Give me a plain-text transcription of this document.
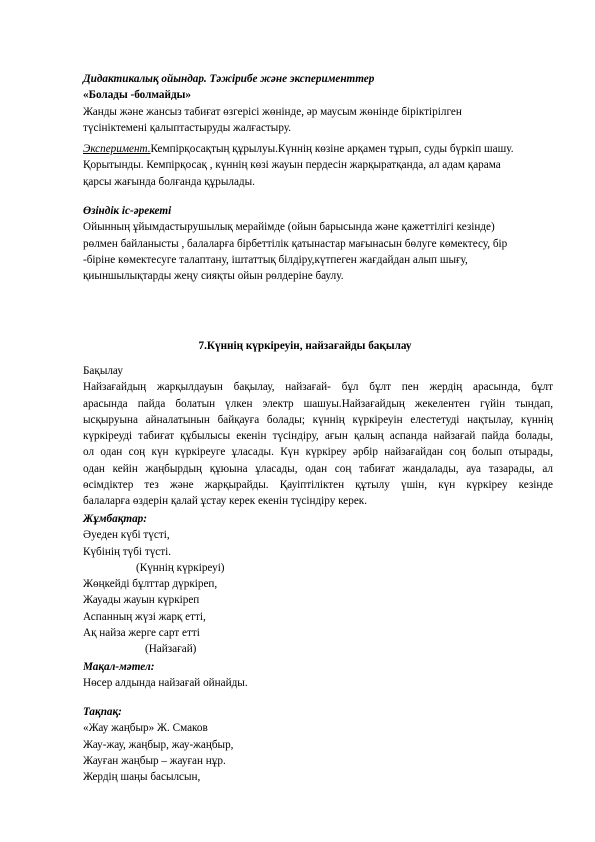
Дидактикалық ойындар. Тәжірибе және эксперименттер
«Болады -болмайды»
Жанды және жансыз табиғат өзгерісі жөнінде, әр маусым жөнінде біріктірілген
түсініктемені қалыптастыруды жалғастыру.
Эксперимент.Кемпірқосақтың құрылуы.Күннің көзіне арқамен тұрып, суды бүркіп шашу.
Қорытынды. Кемпірқосақ , күннің көзі жауын пердесін жарқыратқанда, ал адам қарама
қарсы жағында болғанда құрылады.
Өзіндік іс-әрекеті
Ойынның ұйымдастырушылық мерайімде (ойын барысында және қажеттілігі кезінде)
рөлмен байланысты , балаларға бірбеттілік қатынастар мағынасын бөлуге көмектесу, бір
-біріне көмектесуге талаптану, іштаттық білдіру,күтпеген жағдайдан алып шығу,
қиыншылықтарды жеңу сияқты ойын рөлдеріне баулу.
7.Күннің күркіреуін, найзағайды бақылау
Бақылау
Найзағайдың жарқылдауын бақылау, найзағай- бұл бұлт пен жердің арасында, бұлт
арасында пайда болатын үлкен электр шашуы.Найзағайдың жекелентен гүйін тындап,
ысқыруына айналатынын байқауға болады; күннің күркіреуін елестетуді нақтылау, күннің
күркіреуді табиғат құбылысы екенін түсіндіру, ағын қалың аспанда найзағай пайда болады,
ол одан соң күн күркіреуге ұласады. Күн күркіреу әрбір найзағайдан соң болып отырады,
одан кейін жаңбырдың құюына ұласады, одан соң табиғат жандалады, ауа тазарады, ал
өсімдіктер тез және жарқырайды. Қауіптіліктен құтылу үшін, күн күркіреу кезінде
балаларға өздерін қалай ұстау керек екенін түсіндіру керек.
Жұмбақтар:
Әуеден күбі түсті,
Күбінің түбі түсті.
(Күннің күркіреуі)
Жөңкейді бұлттар дүркіреп,
Жауады жауын күркіреп
Аспанның жүзі жарқ етті,
Ақ найза жерге сарт етті
(Найзағай)
Мақал-мәтел:
Нөсер алдында найзағай ойнайды.
Тақпақ:
«Жау жаңбыр» Ж. Смаков
Жау-жау, жаңбыр, жау-жаңбыр,
Жауған жаңбыр – жауған нұр.
Жердің шаңы басылсын,
